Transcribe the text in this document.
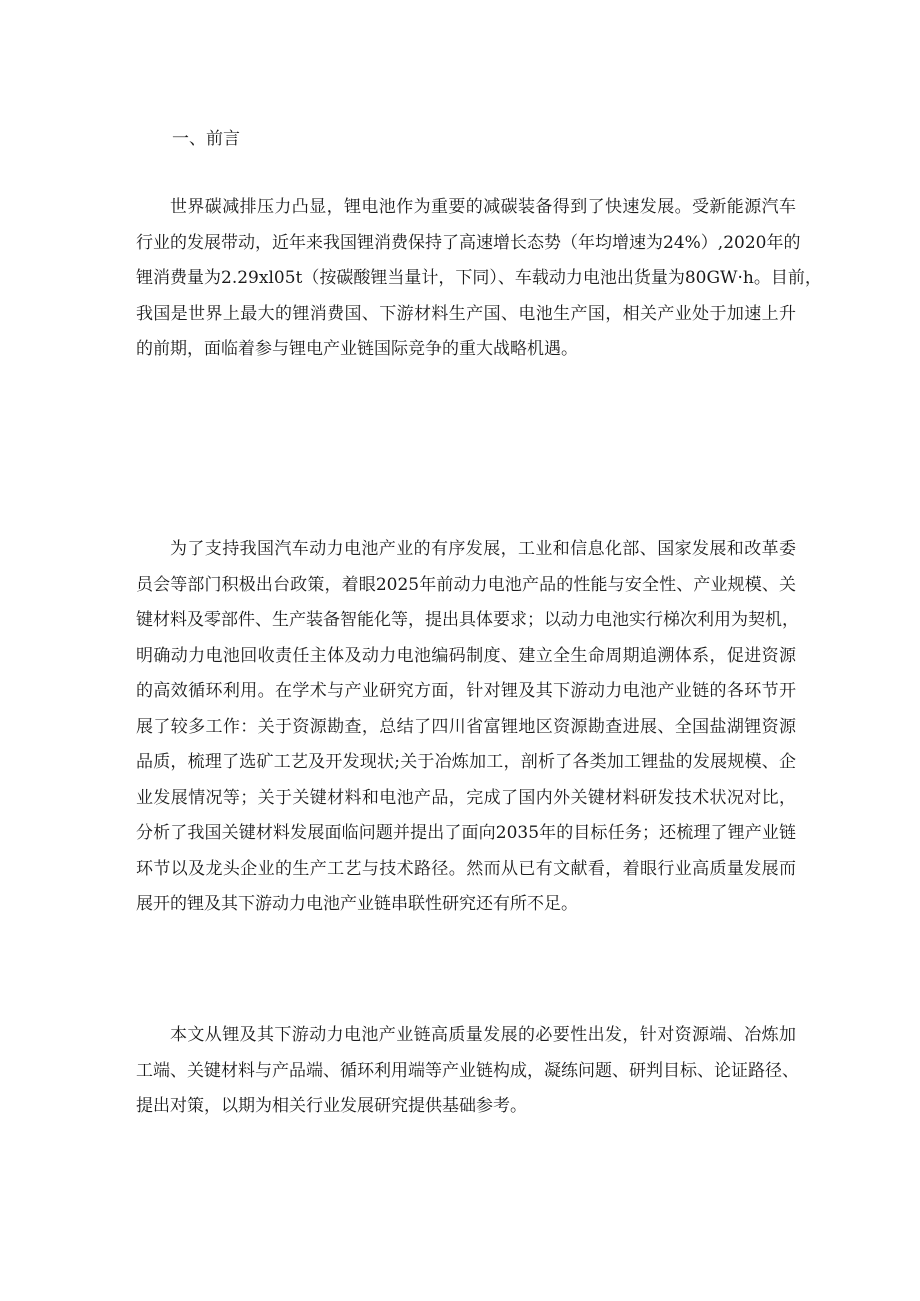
一、前言

世界碳减排压力凸显，锂电池作为重要的减碳装备得到了快速发展。受新能源汽车
行业的发展带动，近年来我国锂消费保持了高速增长态势（年均增速为24%）,2020年的
锂消费量为2.29xl05t（按碳酸锂当量计，下同）、车载动力电池出货量为80GW·h。目前，
我国是世界上最大的锂消费国、下游材料生产国、电池生产国，相关产业处于加速上升
的前期，面临着参与锂电产业链国际竞争的重大战略机遇。

为了支持我国汽车动力电池产业的有序发展，工业和信息化部、国家发展和改革委
员会等部门积极出台政策，着眼2025年前动力电池产品的性能与安全性、产业规模、关
键材料及零部件、生产装备智能化等，提出具体要求；以动力电池实行梯次利用为契机，
明确动力电池回收责任主体及动力电池编码制度、建立全生命周期追溯体系，促进资源
的高效循环利用。在学术与产业研究方面，针对锂及其下游动力电池产业链的各环节开
展了较多工作：关于资源勘查，总结了四川省富锂地区资源勘查进展、全国盐湖锂资源
品质，梳理了选矿工艺及开发现状;关于冶炼加工，剖析了各类加工锂盐的发展规模、企
业发展情况等；关于关键材料和电池产品，完成了国内外关键材料研发技术状况对比，
分析了我国关键材料发展面临问题并提出了面向2035年的目标任务；还梳理了锂产业链
环节以及龙头企业的生产工艺与技术路径。然而从已有文献看，着眼行业高质量发展而
展开的锂及其下游动力电池产业链串联性研究还有所不足。

本文从锂及其下游动力电池产业链高质量发展的必要性出发，针对资源端、冶炼加
工端、关键材料与产品端、循环利用端等产业链构成，凝练问题、研判目标、论证路径、
提出对策，以期为相关行业发展研究提供基础参考。
